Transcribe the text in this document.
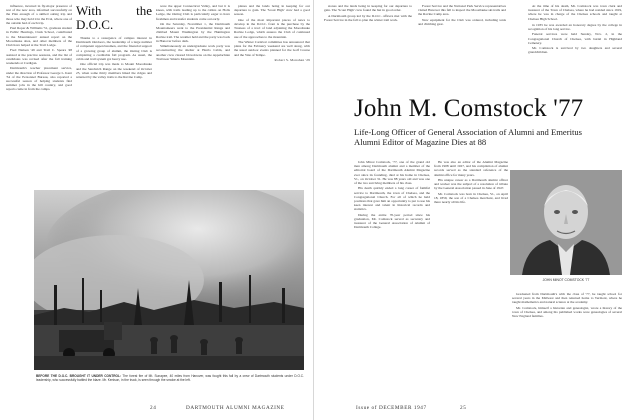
influence, incurred in fly-major presence of rest of the new area, informed successfully on the Plan enough of a skilled outing trip and those who may hold it in the Eval, where one of the outside had of each trip.

Paul Roper & Williams '51, graduate student in Public Hearings, Clark School, contributed to the Mountaineers' annual report on the Moosilauke sites, and other members of the Club have helped at the Trail Lodge.

Fred Nielsen '49 and Trail C. Spears '48 assisted at the practice sessions, and the list of candidates was revised after the fall training weekends at Cardigan.

Dartmouth's teacher placement service, under the direction of Professor George L. Kent '34 of the Personnel Bureau, also reported a successful season of helping students find summer jobs in the hill country, and good reports came in from the camps.

With the D.O.C.

Thanks to a resurgence of campus interest in Dartmouth Outdoors, the leadership of a large number of competent upperclassmen, and the financial support of a growing group of alumni, the Outing Club is completing a creditable fall program. As usual, the cabin and trail system got heavy use.

One official trip was made to Mount Moosilauke and the Sandwich Range on the weekend of October 25, when some thirty members hiked the ridges and returned by the valley trails to the Ravine Camp.

were the upper Connecticut Valley, and but it is knees, with trails leading up to the cabins on Holts Ledge, the Outing Club is particularly eager to have freshmen and transfer students come out early.

On the Saturday, November 1, the Dartmouth Mountaineers went to the Presidential Range and climbed Mount Washington by the Huntington Ravine trail. The weather held and the party was back in Hanover before dark.

Simultaneously an undergraduate work party was reconstructing the shelter at Harris Cabin, and another crew cleared blowdowns on the Appalachian Trail near Smarts Mountain.

planes and the lands being in keeping for our departure to gain. The 'Scout High' crew had a good season.

One of the most important pieces of news to develop in the D.O.C. front is the purchase by the Trustees of a tract of land adjoining the Moosilauke Ravine Lodge, which assures the Club of continued use of the approaches to the mountain.

The Winter Carnival committee has announced that plans for the February weekend are well along, with the usual outdoor events planned for the Golf Course and the Vale of Tempe.

Robert S. Monahan '29
BEFORE THE D.O.C. BROUGHT IT UNDER CONTROL: The forest fire of Mt. Sunapee, 40 miles from Hanover, was fought this fall by a crew of Dartmouth students under D.O.C. leadership, who successfully battled the blaze. Mr. Kenison, in the truck, is seen through the smoke at the left.
24	DARTMOUTH ALUMNI MAGAZINE

stones and the lands being in keeping for our departure to gain. The 'Scout High' crew found the hut in good order.

A Dartmouth group led by the D.O.C. officers met with the Forest Service in the fall to plan the winter trail work.

Forest Service and the National Park Service representatives visited Hanover this fall to inspect the Moosilauke ski trails and the Ravine Camp area.

New equipment for the Club was ordered, including tents and climbing gear.

At the time of his death, Mr. Comstock was town clerk and treasurer of the Town of Chelsea, where he had resided since 1919, where he was in charge of the Chelsea schools and taught at Chelsea High School.

in 1935 he was awarded an honorary degree by the college in recognition of his long service.

Funeral services were held Sunday, Nov. 2, in the Congregational Church of Chelsea, with burial in Highland Cemetery.

Mr. Comstock is survived by two daughters and several grandchildren.

John M. Comstock '77
Life-Long Officer of General Association of Alumni and Emeritus Alumni Editor of Magazine Dies at 88

John Minot Comstock, '77, one of the grand old men among Dartmouth alumni and a member of the editorial board of the Dartmouth Alumni Magazine ever since its founding, died at his home in Chelsea, Vt., on October 31. He was 88 years old and was one of the two surviving members of his class.

His death quickly ended a long career of faithful service to Dartmouth, the town of Chelsea, and the Congregational Church. For all of which he held positions that gave him an opportunity to put to use his keen interest and talent in historical records and statistics.

During the entire 70-year period since his graduation, Mr. Comstock served as secretary and treasurer of the General Association of Alumni of Dartmouth College.

He was also an editor of the Alumni Magazine from 1908 until 1927, and his compilation of alumni records served as the standard reference of the alumni office for many years.

His unique career as a Dartmouth alumni officer and worker was the subject of a resolution of tribute by the General Association passed in June of 1947.

Mr. Comstock was born in Chelsea, Vt., on April 18, 1859, the son of a Chelsea merchant, and lived there nearly all his life.

Graduated from Dartmouth's with the class of '77, he taught school for several years in the Midwest and then returned home to Vermont, where he taught mathematics and natural science at the academy.

Mr. Comstock, himself a historian and genealogist, wrote a history of the town of Chelsea, and among his published works were genealogies of several New England families.

JOHN MINOT COMSTOCK '77
Issue of DECEMBER 1947	25
